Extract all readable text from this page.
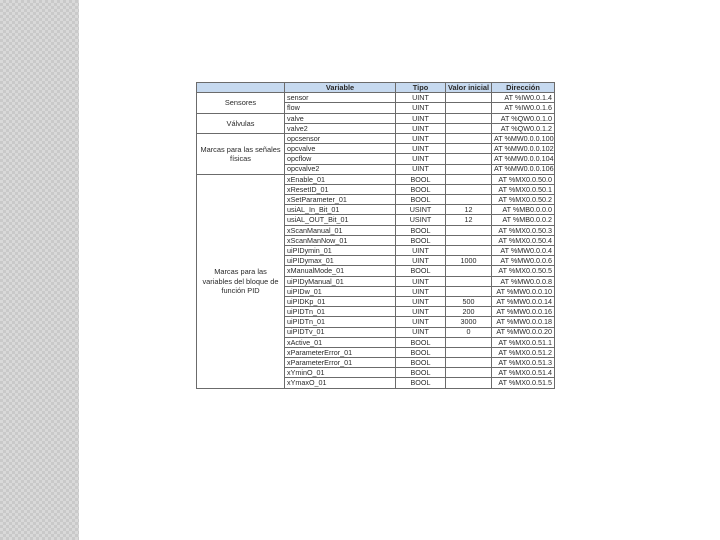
	Variable	Tipo	Valor inicial	Dirección
Sensores	sensor	UINT		AT %IW0.0.1.4
	flow	UINT		AT %IW0.0.1.6
Válvulas	valve	UINT		AT %QW0.0.1.0
	valve2	UINT		AT %QW0.0.1.2
Marcas para las señales físicas	opcsensor	UINT		AT %MW0.0.0.100
	opcvalve	UINT		AT %MW0.0.0.102
	opcflow	UINT		AT %MW0.0.0.104
	opcvalve2	UINT		AT %MW0.0.0.106
Marcas para las variables del bloque de función PID	xEnable_01	BOOL		AT %MX0.0.50.0
	xResetID_01	BOOL		AT %MX0.0.50.1
	xSetParameter_01	BOOL		AT %MX0.0.50.2
	usiAL_In_Bit_01	USINT	12	AT %MB0.0.0.0
	usiAL_OUT_Bit_01	USINT	12	AT %MB0.0.0.2
	xScanManual_01	BOOL		AT %MX0.0.50.3
	xScanManNow_01	BOOL		AT %MX0.0.50.4
	uiPIDymin_01	UINT		AT %MW0.0.0.4
	uiPIDymax_01	UINT	1000	AT %MW0.0.0.6
	xManualMode_01	BOOL		AT %MX0.0.50.5
	uiPIDyManual_01	UINT		AT %MW0.0.0.8
	uiPIDw_01	UINT		AT %MW0.0.0.10
	uiPIDKp_01	UINT	500	AT %MW0.0.0.14
	uiPIDTn_01	UINT	200	AT %MW0.0.0.16
	uiPIDTn_01	UINT	3000	AT %MW0.0.0.18
	uiPIDTv_01	UINT	0	AT %MW0.0.0.20
	xActive_01	BOOL		AT %MX0.0.51.1
	xParameterError_01	BOOL		AT %MX0.0.51.2
	xParameterError_01	BOOL		AT %MX0.0.51.3
	xYminO_01	BOOL		AT %MX0.0.51.4
	xYmaxO_01	BOOL		AT %MX0.0.51.5
